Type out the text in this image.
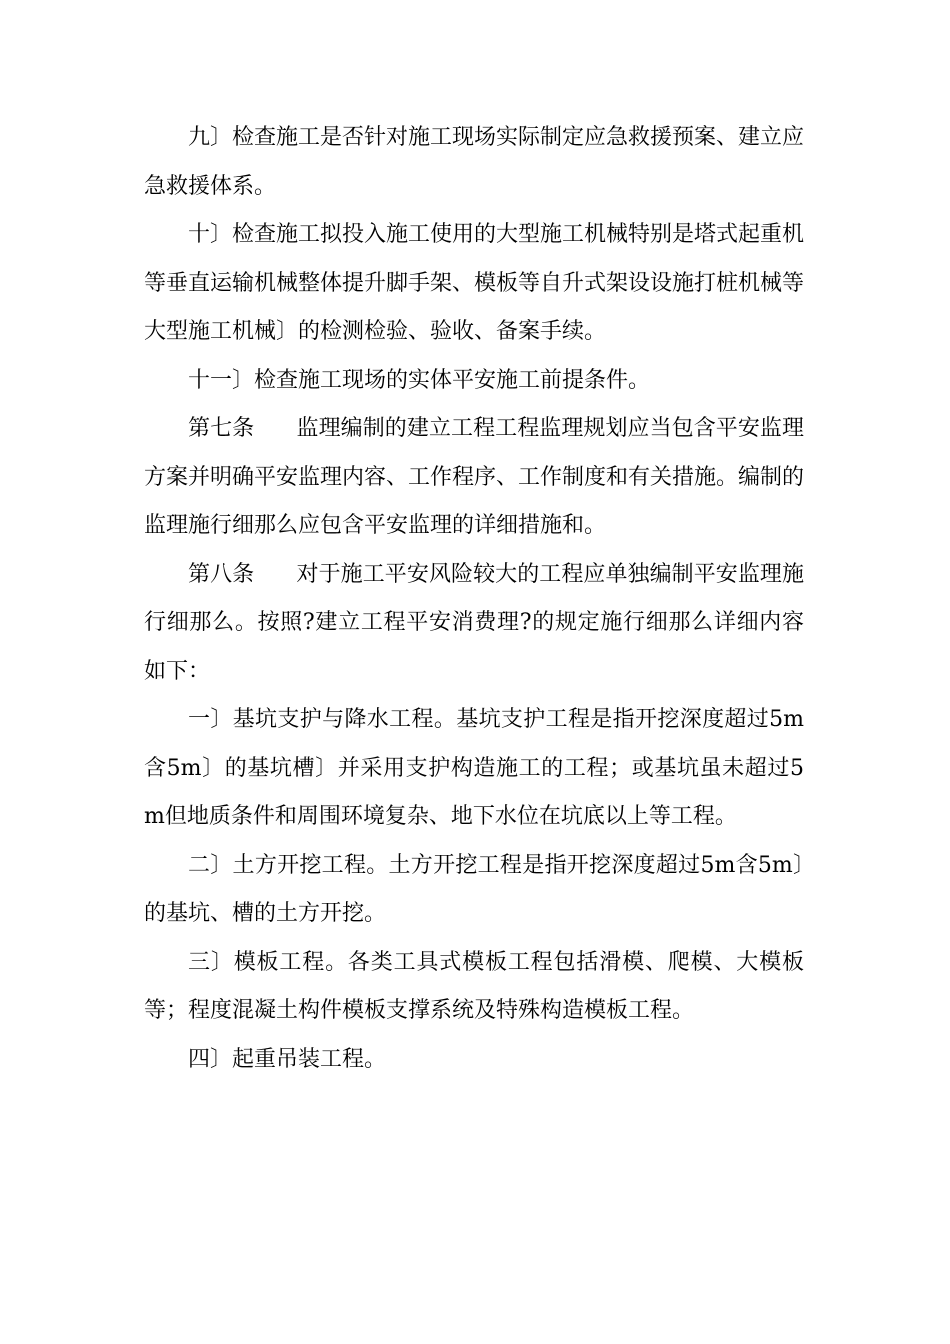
九〕检查施工是否针对施工现场实际制定应急救援预案、建立应急救援体系。

十〕检查施工拟投入施工使用的大型施工机械特别是塔式起重机等垂直运输机械整体提升脚手架、模板等自升式架设设施打桩机械等大型施工机械〕的检测检验、验收、备案手续。

十一〕检查施工现场的实体平安施工前提条件。

第七条      监理编制的建立工程工程监理规划应当包含平安监理方案并明确平安监理内容、工作程序、工作制度和有关措施。编制的监理施行细那么应包含平安监理的详细措施和。

第八条      对于施工平安风险较大的工程应单独编制平安监理施行细那么。按照?建立工程平安消费理?的规定施行细那么详细内容如下：

一〕基坑支护与降水工程。基坑支护工程是指开挖深度超过5m含5m〕的基坑槽〕并采用支护构造施工的工程；或基坑虽未超过5m但地质条件和周围环境复杂、地下水位在坑底以上等工程。

二〕土方开挖工程。土方开挖工程是指开挖深度超过5m含5m〕的基坑、槽的土方开挖。

三〕模板工程。各类工具式模板工程包括滑模、爬模、大模板等；程度混凝土构件模板支撑系统及特殊构造模板工程。

四〕起重吊装工程。
